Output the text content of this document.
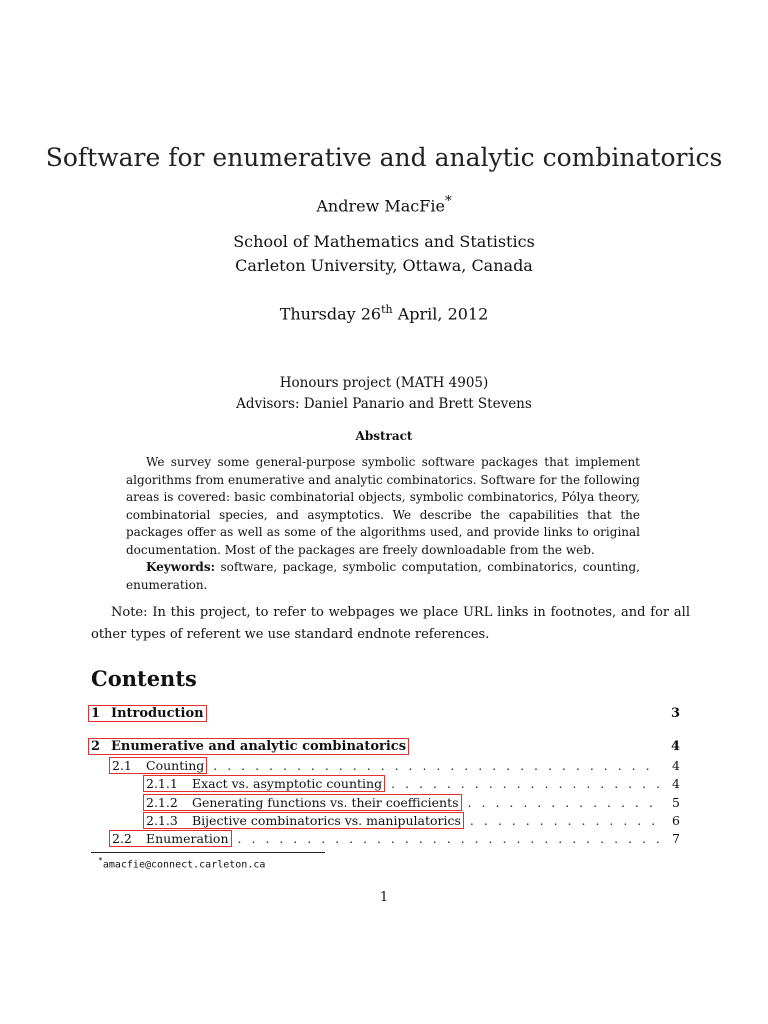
Software for enumerative and analytic combinatorics
Andrew MacFie*
School of Mathematics and Statistics
Carleton University, Ottawa, Canada
Thursday 26th April, 2012
Honours project (MATH 4905)
Advisors: Daniel Panario and Brett Stevens
Abstract

We survey some general-purpose symbolic software packages that implement algorithms from enumerative and analytic combinatorics. Software for the following areas is covered: basic combinatorial objects, symbolic combinatorics, Pólya theory, combinatorial species, and asymptotics. We describe the capabilities that the packages offer as well as some of the algorithms used, and provide links to original documentation. Most of the packages are freely downloadable from the web.

Keywords: software, package, symbolic computation, combinatorics, counting, enumeration.

Note: In this project, to refer to webpages we place URL links in footnotes, and for all other types of referent we use standard endnote references.
Contents
1 Introduction	3
2 Enumerative and analytic combinatorics	4
2.1 Counting . . .	4
2.1.1 Exact vs. asymptotic counting . . .	4
2.1.2 Generating functions vs. their coefficients . . .	5
2.1.3 Bijective combinatorics vs. manipulatorics . . .	6
2.2 Enumeration . . .	7
*amacfie@connect.carleton.ca
1
